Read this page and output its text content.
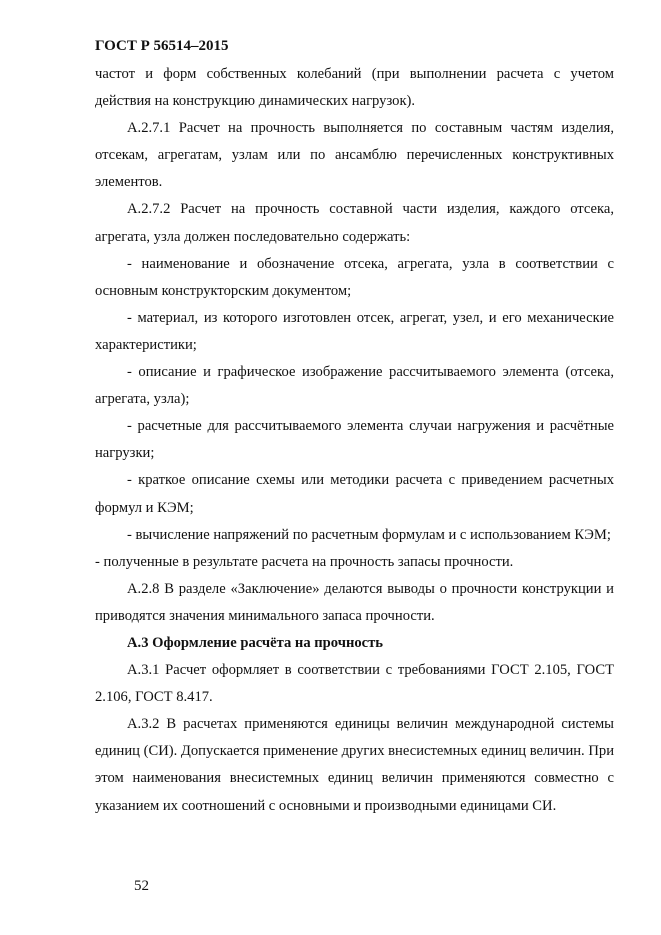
ГОСТ Р 56514–2015

частот и форм собственных колебаний (при выполнении расчета с учетом действия на конструкцию динамических нагрузок).

А.2.7.1 Расчет на прочность выполняется по составным частям изделия, отсекам, агрегатам, узлам или по ансамблю перечисленных конструктивных элементов.

А.2.7.2 Расчет на прочность составной части изделия, каждого отсека, агрегата, узла должен последовательно содержать:

- наименование и обозначение отсека, агрегата, узла в соответствии с основным конструкторским документом;

- материал, из которого изготовлен отсек, агрегат, узел, и его механические характеристики;

- описание и графическое изображение рассчитываемого элемента (отсека, агрегата, узла);

- расчетные для рассчитываемого элемента случаи нагружения и расчётные нагрузки;

- краткое описание схемы или методики расчета с приведением расчетных формул и КЭМ;

- вычисление напряжений по расчетным формулам и с использованием КЭМ;

- полученные в результате расчета на прочность запасы прочности.

А.2.8 В разделе «Заключение» делаются выводы о прочности конструкции и приводятся значения минимального запаса прочности.

А.3 Оформление расчёта на прочность

А.3.1 Расчет оформляет в соответствии с требованиями ГОСТ 2.105, ГОСТ 2.106, ГОСТ 8.417.

А.3.2 В расчетах применяются единицы величин международной системы единиц (СИ). Допускается применение других внесистемных единиц величин. При этом наименования внесистемных единиц величин применяются совместно с указанием их соотношений с основными и производными единицами СИ.

52
